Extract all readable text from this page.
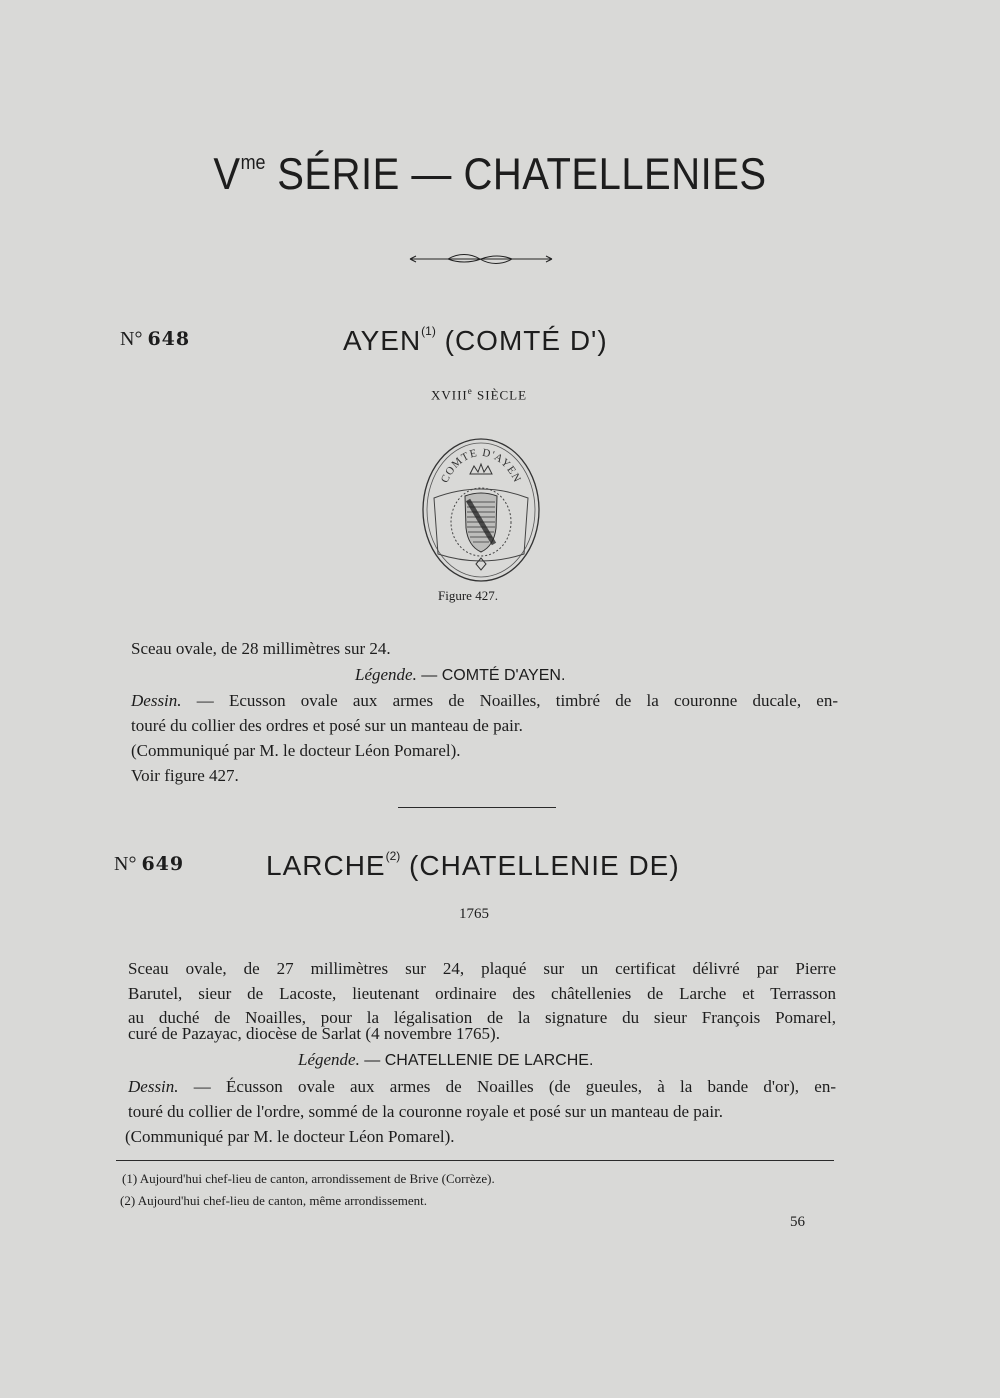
$V^{me}$ SÉRIE — CHATELLENIES
N° 648	AYEN$^{(1)}$ (COMTÉ D')
XVIIIe SIÈCLE
COMTE D'AYEN
Figure 427.
Sceau ovale, de 28 millimètres sur 24.
Légende. — COMTÉ D'AYEN.
Dessin. — Ecusson ovale aux armes de Noailles, timbré de la couronne ducale, en-
touré du collier des ordres et posé sur un manteau de pair.
(Communiqué par M. le docteur Léon Pomarel).
Voir figure 427.
N° 649	LARCHE$^{(2)}$ (CHATELLENIE DE)
1765
Sceau ovale, de 27 millimètres sur 24, plaqué sur un certificat délivré par Pierre
Barutel, sieur de Lacoste, lieutenant ordinaire des châtellenies de Larche et Terrasson
au duché de Noailles, pour la légalisation de la signature du sieur François Pomarel,
curé de Pazayac, diocèse de Sarlat (4 novembre 1765).
Légende. — CHATELLENIE DE LARCHE.
Dessin. — Écusson ovale aux armes de Noailles (de gueules, à la bande d'or), en-
touré du collier de l'ordre, sommé de la couronne royale et posé sur un manteau de pair.
(Communiqué par M. le docteur Léon Pomarel).
(1) Aujourd'hui chef-lieu de canton, arrondissement de Brive (Corrèze).
(2) Aujourd'hui chef-lieu de canton, même arrondissement.
56
